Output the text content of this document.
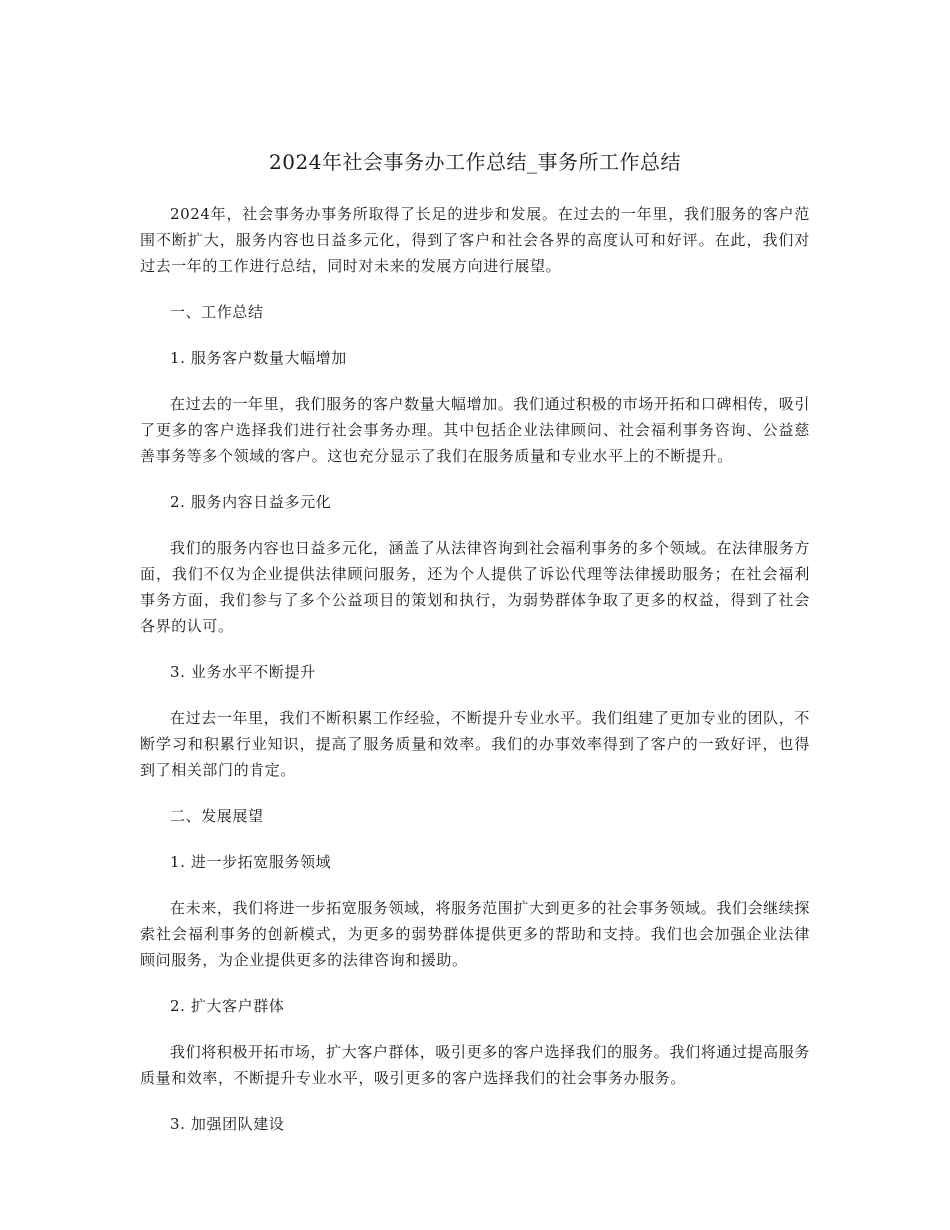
2024年社会事务办工作总结_事务所工作总结

2024年，社会事务办事务所取得了长足的进步和发展。在过去的一年里，我们服务的客户范围不断扩大，服务内容也日益多元化，得到了客户和社会各界的高度认可和好评。在此，我们对过去一年的工作进行总结，同时对未来的发展方向进行展望。

一、工作总结

1. 服务客户数量大幅增加

在过去的一年里，我们服务的客户数量大幅增加。我们通过积极的市场开拓和口碑相传，吸引了更多的客户选择我们进行社会事务办理。其中包括企业法律顾问、社会福利事务咨询、公益慈善事务等多个领域的客户。这也充分显示了我们在服务质量和专业水平上的不断提升。

2. 服务内容日益多元化

我们的服务内容也日益多元化，涵盖了从法律咨询到社会福利事务的多个领域。在法律服务方面，我们不仅为企业提供法律顾问服务，还为个人提供了诉讼代理等法律援助服务；在社会福利事务方面，我们参与了多个公益项目的策划和执行，为弱势群体争取了更多的权益，得到了社会各界的认可。

3. 业务水平不断提升

在过去一年里，我们不断积累工作经验，不断提升专业水平。我们组建了更加专业的团队，不断学习和积累行业知识，提高了服务质量和效率。我们的办事效率得到了客户的一致好评，也得到了相关部门的肯定。

二、发展展望

1. 进一步拓宽服务领域

在未来，我们将进一步拓宽服务领域，将服务范围扩大到更多的社会事务领域。我们会继续探索社会福利事务的创新模式，为更多的弱势群体提供更多的帮助和支持。我们也会加强企业法律顾问服务，为企业提供更多的法律咨询和援助。

2. 扩大客户群体

我们将积极开拓市场，扩大客户群体，吸引更多的客户选择我们的服务。我们将通过提高服务质量和效率，不断提升专业水平，吸引更多的客户选择我们的社会事务办服务。

3. 加强团队建设
